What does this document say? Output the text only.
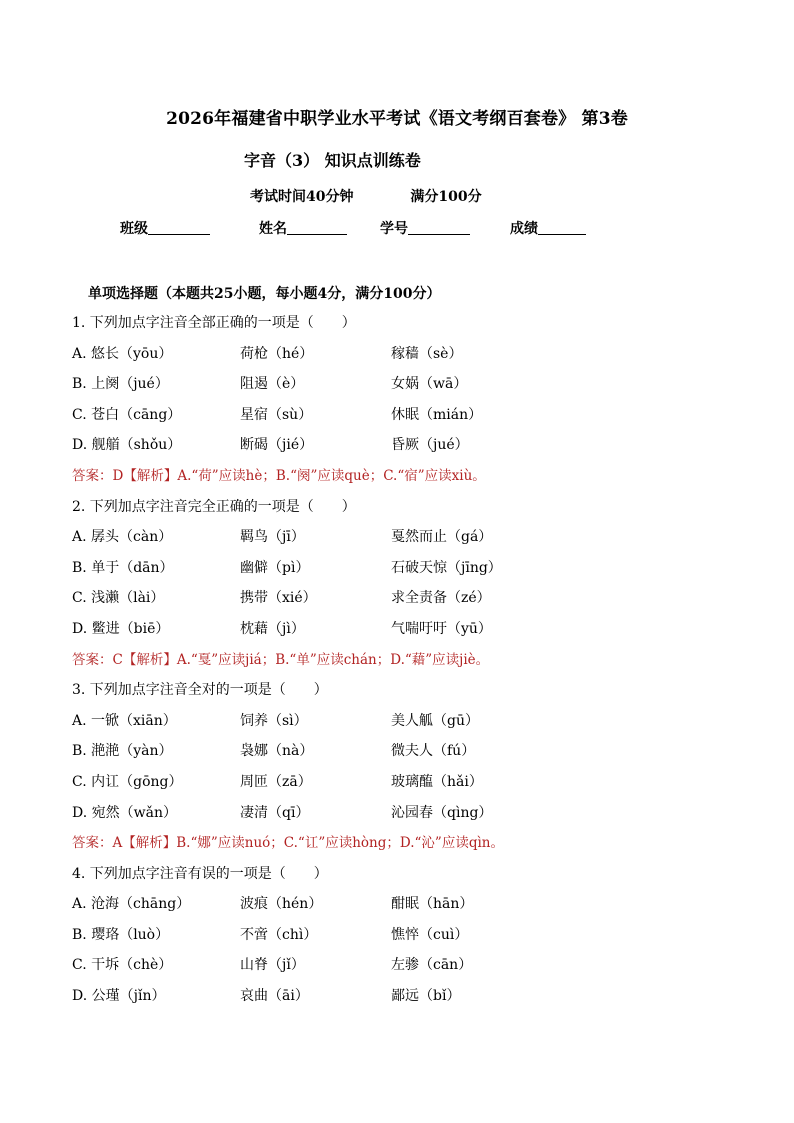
2026年福建省中职学业水平考试《语文考纲百套卷》 第3卷
字音（3） 知识点训练卷
考试时间40分钟	满分100分
班级	姓名	学号	成绩
单项选择题（本题共25小题，每小题4分，满分100分）
1. 下列加点字注音全部正确的一项是（　　）
A. 悠长（yōu）	荷枪（hé）	稼穑（sè）
B. 上阕（jué）	阻遏（è）	女娲（wā）
C. 苍白（cāng）	星宿（sù）	休眠（mián）
D. 舰艏（shǒu）	断碣（jié）	昏厥（jué）
答案：D【解析】A.“荷”应读hè；B.“阕”应读què；C.“宿”应读xiù。
2. 下列加点字注音完全正确的一项是（　　）
A. 孱头（càn）	羁鸟（jī）	戛然而止（gá）
B. 单于（dān）	幽僻（pì）	石破天惊（jīng）
C. 浅濑（lài）	携带（xié）	求全责备（zé）
D. 鳖进（biē）	枕藉（jì）	气喘吁吁（yū）
答案：C【解析】A.“戛”应读jiá；B.“单”应读chán；D.“藉”应读jiè。
3. 下列加点字注音全对的一项是（　　）
A. 一锨（xiān）	饲养（sì）	美人觚（gū）
B. 滟滟（yàn）	袅娜（nà）	微夫人（fú）
C. 内讧（gōng）	周匝（zā）	玻璃醢（hǎi）
D. 宛然（wǎn）	凄清（qī）	沁园春（qìng）
答案：A【解析】B.“娜”应读nuó；C.“讧”应读hòng；D.“沁”应读qìn。
4. 下列加点字注音有误的一项是（　　）
A. 沧海（chāng）	波痕（hén）	酣眠（hān）
B. 璎珞（luò）	不啻（chì）	憔悴（cuì）
C. 干坼（chè）	山脊（jǐ）	左骖（cān）
D. 公瑾（jǐn）	哀曲（āi）	鄙远（bǐ）
